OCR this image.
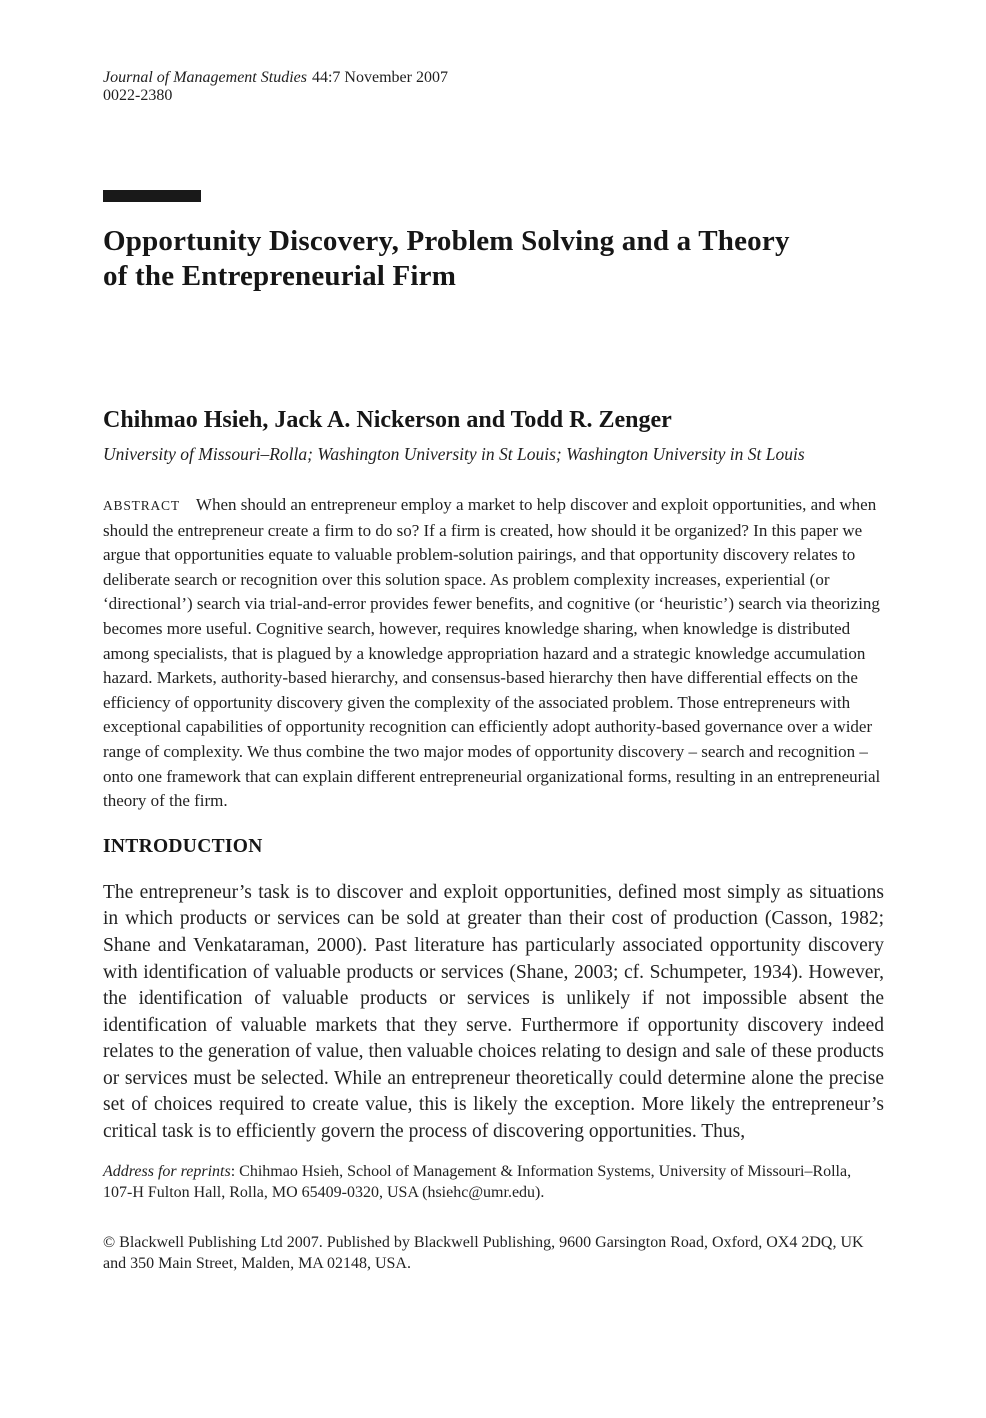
Journal of Management Studies 44:7 November 2007
0022-2380
Opportunity Discovery, Problem Solving and a Theory
of the Entrepreneurial Firm
Chihmao Hsieh, Jack A. Nickerson and Todd R. Zenger
University of Missouri–Rolla; Washington University in St Louis; Washington University in St Louis

ABSTRACT When should an entrepreneur employ a market to help discover and exploit opportunities, and when should the entrepreneur create a firm to do so? If a firm is created, how should it be organized? In this paper we argue that opportunities equate to valuable problem-solution pairings, and that opportunity discovery relates to deliberate search or recognition over this solution space. As problem complexity increases, experiential (or ‘directional’) search via trial-and-error provides fewer benefits, and cognitive (or ‘heuristic’) search via theorizing becomes more useful. Cognitive search, however, requires knowledge sharing, when knowledge is distributed among specialists, that is plagued by a knowledge appropriation hazard and a strategic knowledge accumulation hazard. Markets, authority-based hierarchy, and consensus-based hierarchy then have differential effects on the efficiency of opportunity discovery given the complexity of the associated problem. Those entrepreneurs with exceptional capabilities of opportunity recognition can efficiently adopt authority-based governance over a wider range of complexity. We thus combine the two major modes of opportunity discovery – search and recognition – onto one framework that can explain different entrepreneurial organizational forms, resulting in an entrepreneurial theory of the firm.

INTRODUCTION

The entrepreneur’s task is to discover and exploit opportunities, defined most simply as situations in which products or services can be sold at greater than their cost of production (Casson, 1982; Shane and Venkataraman, 2000). Past literature has particularly associated opportunity discovery with identification of valuable products or services (Shane, 2003; cf. Schumpeter, 1934). However, the identification of valuable products or services is unlikely if not impossible absent the identification of valuable markets that they serve. Furthermore if opportunity discovery indeed relates to the generation of value, then valuable choices relating to design and sale of these products or services must be selected. While an entrepreneur theoretically could determine alone the precise set of choices required to create value, this is likely the exception. More likely the entrepreneur’s critical task is to efficiently govern the process of discovering opportunities. Thus,

Address for reprints: Chihmao Hsieh, School of Management & Information Systems, University of Missouri–Rolla, 107-H Fulton Hall, Rolla, MO 65409-0320, USA (hsiehc@umr.edu).
© Blackwell Publishing Ltd 2007. Published by Blackwell Publishing, 9600 Garsington Road, Oxford, OX4 2DQ, UK and 350 Main Street, Malden, MA 02148, USA.
